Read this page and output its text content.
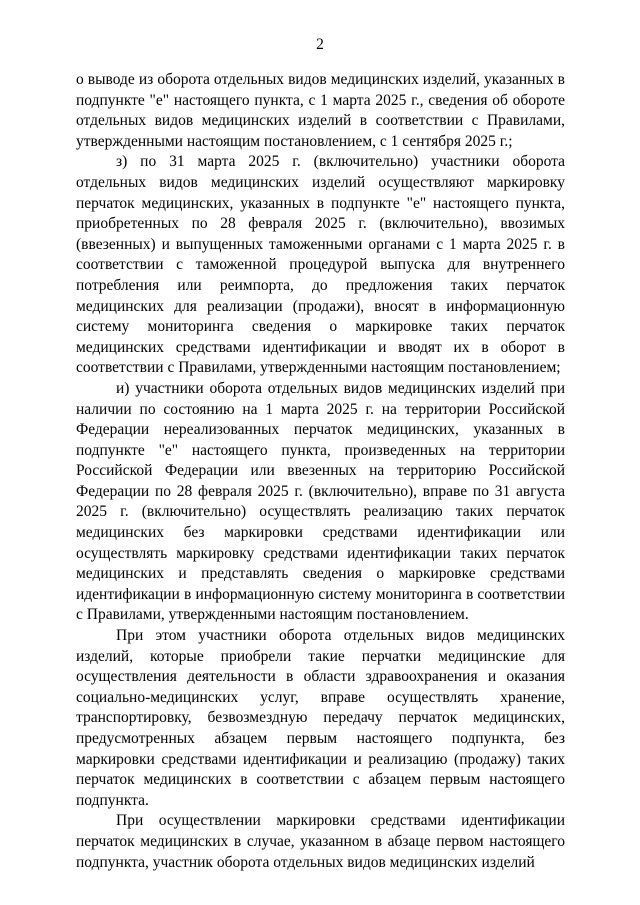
2

о выводе из оборота отдельных видов медицинских изделий, указанных в подпункте "е" настоящего пункта, с 1 марта 2025 г., сведения об обороте отдельных видов медицинских изделий в соответствии с Правилами, утвержденными настоящим постановлением, с 1 сентября 2025 г.;

з) по 31 марта 2025 г. (включительно) участники оборота отдельных видов медицинских изделий осуществляют маркировку перчаток медицинских, указанных в подпункте "е" настоящего пункта, приобретенных по 28 февраля 2025 г. (включительно), ввозимых (ввезенных) и выпущенных таможенными органами с 1 марта 2025 г. в соответствии с таможенной процедурой выпуска для внутреннего потребления или реимпорта, до предложения таких перчаток медицинских для реализации (продажи), вносят в информационную систему мониторинга сведения о маркировке таких перчаток медицинских средствами идентификации и вводят их в оборот в соответствии с Правилами, утвержденными настоящим постановлением;

и) участники оборота отдельных видов медицинских изделий при наличии по состоянию на 1 марта 2025 г. на территории Российской Федерации нереализованных перчаток медицинских, указанных в подпункте "е" настоящего пункта, произведенных на территории Российской Федерации или ввезенных на территорию Российской Федерации по 28 февраля 2025 г. (включительно), вправе по 31 августа 2025 г. (включительно) осуществлять реализацию таких перчаток медицинских без маркировки средствами идентификации или осуществлять маркировку средствами идентификации таких перчаток медицинских и представлять сведения о маркировке средствами идентификации в информационную систему мониторинга в соответствии с Правилами, утвержденными настоящим постановлением.

При этом участники оборота отдельных видов медицинских изделий, которые приобрели такие перчатки медицинские для осуществления деятельности в области здравоохранения и оказания социально-медицинских услуг, вправе осуществлять хранение, транспортировку, безвозмездную передачу перчаток медицинских, предусмотренных абзацем первым настоящего подпункта, без маркировки средствами идентификации и реализацию (продажу) таких перчаток медицинских в соответствии с абзацем первым настоящего подпункта.

При осуществлении маркировки средствами идентификации перчаток медицинских в случае, указанном в абзаце первом настоящего подпункта, участник оборота отдельных видов медицинских изделий
